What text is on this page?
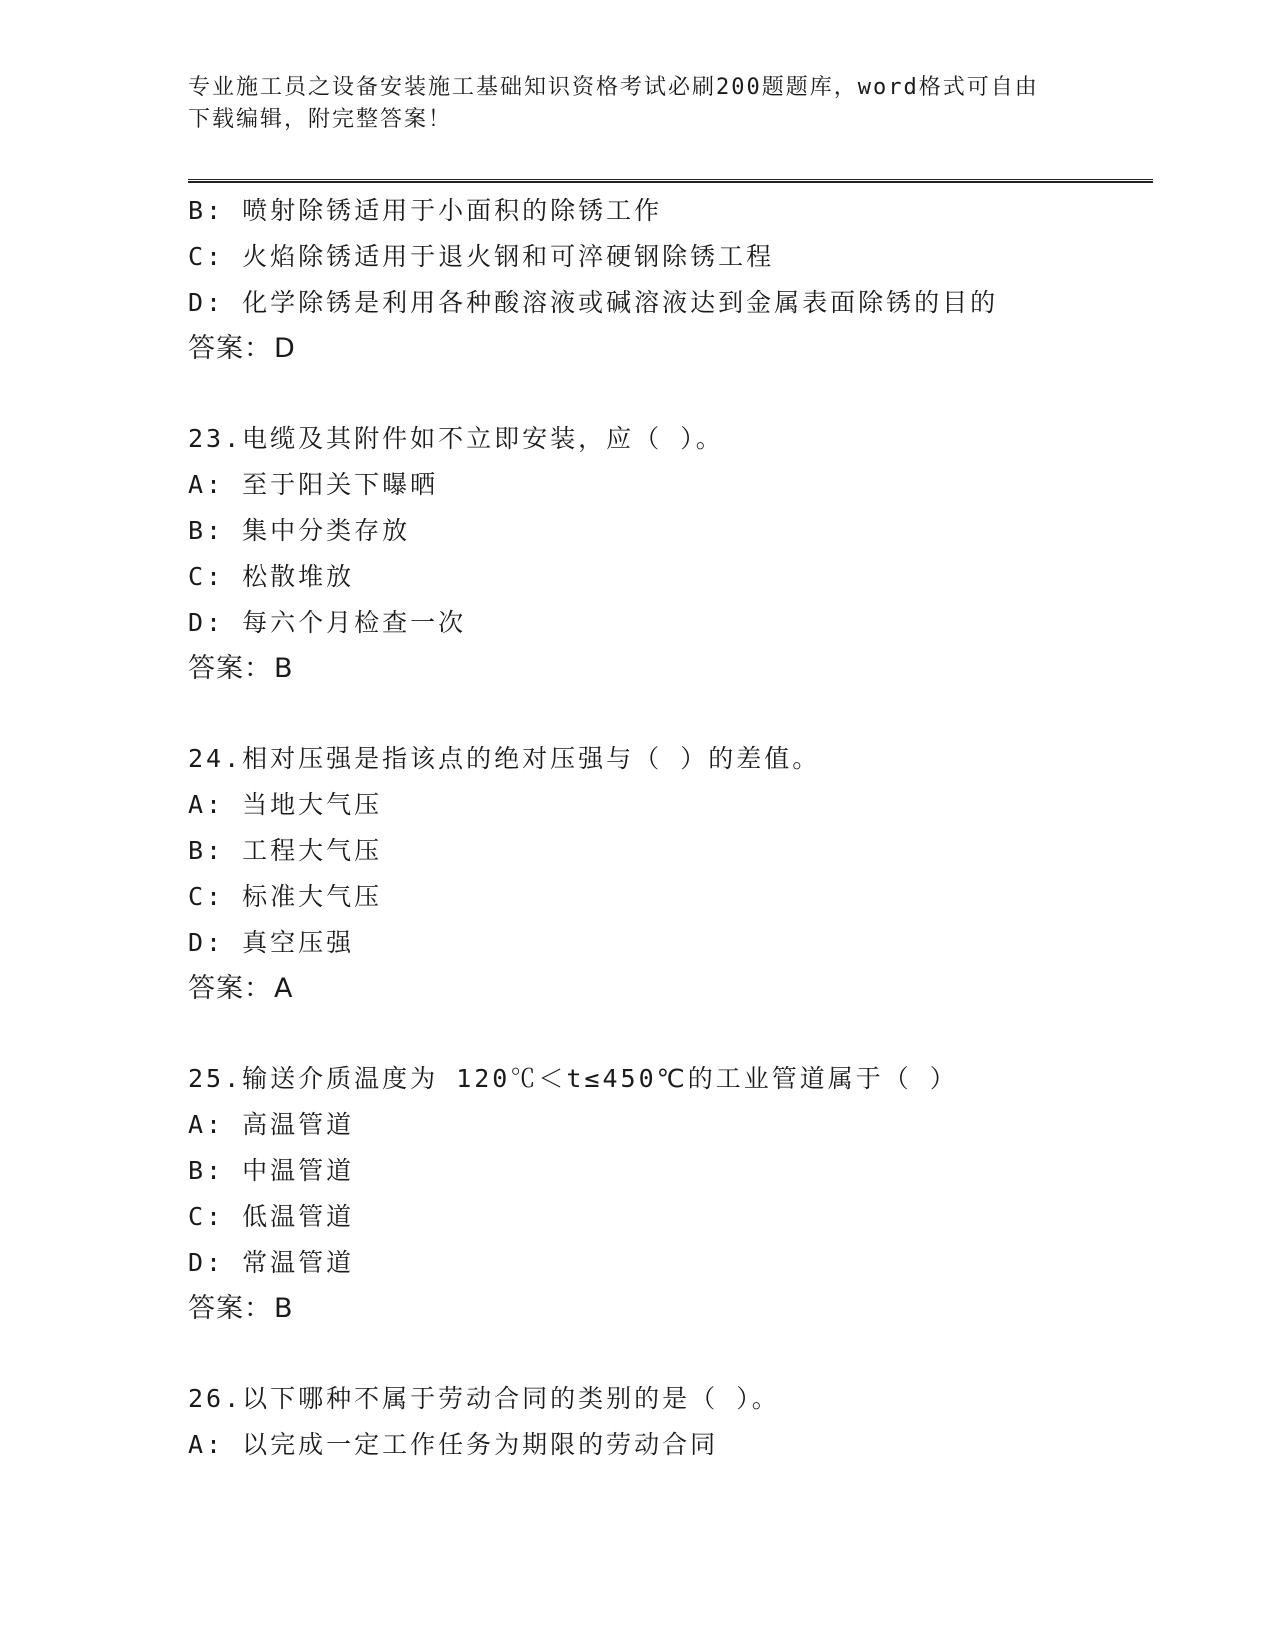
专业施工员之设备安装施工基础知识资格考试必刷200题题库，word格式可自由
下载编辑，附完整答案！
B: 喷射除锈适用于小面积的除锈工作
C: 火焰除锈适用于退火钢和可淬硬钢除锈工程
D: 化学除锈是利用各种酸溶液或碱溶液达到金属表面除锈的目的
答案：D
23.电缆及其附件如不立即安装，应（ ）。
A: 至于阳关下曝晒
B: 集中分类存放
C: 松散堆放
D: 每六个月检查一次
答案：B
24.相对压强是指该点的绝对压强与（ ）的差值。
A: 当地大气压
B: 工程大气压
C: 标准大气压
D: 真空压强
答案：A
25.输送介质温度为 120℃＜t≤450℃的工业管道属于（ ）
A: 高温管道
B: 中温管道
C: 低温管道
D: 常温管道
答案：B
26.以下哪种不属于劳动合同的类别的是（ ）。
A: 以完成一定工作任务为期限的劳动合同
